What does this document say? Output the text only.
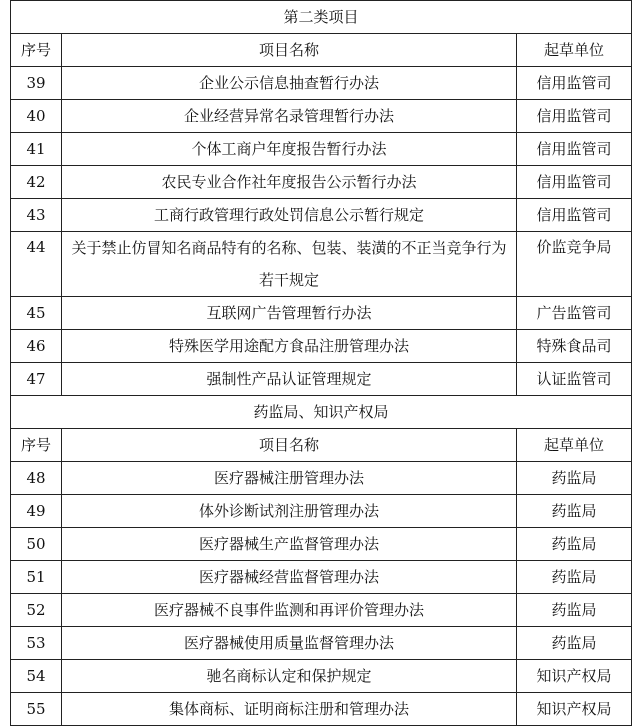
第二类项目		
序号	项目名称	起草单位
39	企业公示信息抽查暂行办法	信用监管司
40	企业经营异常名录管理暂行办法	信用监管司
41	个体工商户年度报告暂行办法	信用监管司
42	农民专业合作社年度报告公示暂行办法	信用监管司
43	工商行政管理行政处罚信息公示暂行规定	信用监管司
44	关于禁止仿冒知名商品特有的名称、包装、装潢的不正当竞争行为若干规定	价监竞争局
45	互联网广告管理暂行办法	广告监管司
46	特殊医学用途配方食品注册管理办法	特殊食品司
47	强制性产品认证管理规定	认证监管司
药监局、知识产权局		
序号	项目名称	起草单位
48	医疗器械注册管理办法	药监局
49	体外诊断试剂注册管理办法	药监局
50	医疗器械生产监督管理办法	药监局
51	医疗器械经营监督管理办法	药监局
52	医疗器械不良事件监测和再评价管理办法	药监局
53	医疗器械使用质量监督管理办法	药监局
54	驰名商标认定和保护规定	知识产权局
55	集体商标、证明商标注册和管理办法	知识产权局
